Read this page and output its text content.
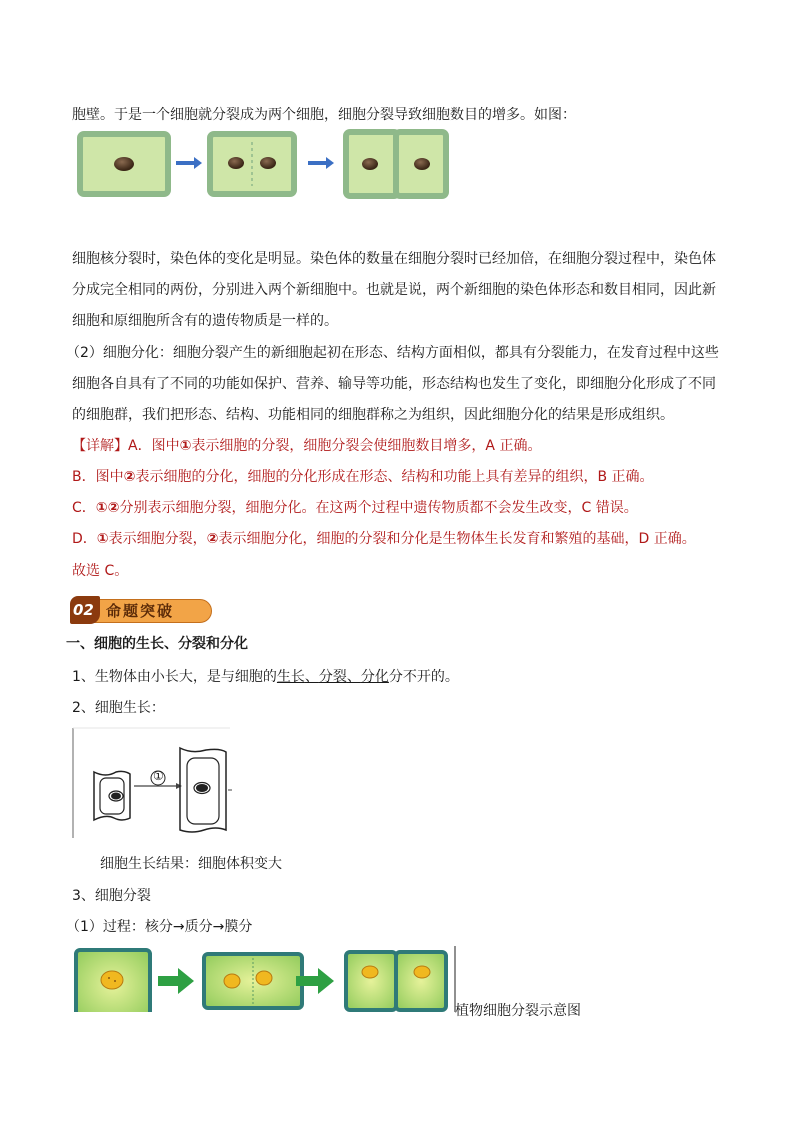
胞壁。于是一个细胞就分裂成为两个细胞，细胞分裂导致细胞数目的增多。如图：
细胞核分裂时，染色体的变化是明显。染色体的数量在细胞分裂时已经加倍，在细胞分裂过程中，染色体
分成完全相同的两份，分别进入两个新细胞中。也就是说，两个新细胞的染色体形态和数目相同，因此新
细胞和原细胞所含有的遗传物质是一样的。
（2）细胞分化：细胞分裂产生的新细胞起初在形态、结构方面相似，都具有分裂能力，在发育过程中这些
细胞各自具有了不同的功能如保护、营养、输导等功能，形态结构也发生了变化，即细胞分化形成了不同
的细胞群，我们把形态、结构、功能相同的细胞群称之为组织，因此细胞分化的结果是形成组织。
【详解】A．图中①表示细胞的分裂，细胞分裂会使细胞数目增多，A 正确。
B．图中②表示细胞的分化，细胞的分化形成在形态、结构和功能上具有差异的组织，B 正确。
C．①②分别表示细胞分裂，细胞分化。在这两个过程中遗传物质都不会发生改变，C 错误。
D．①表示细胞分裂，②表示细胞分化，细胞的分裂和分化是生物体生长发育和繁殖的基础，D 正确。
故选 C。
02 命题突破
一、细胞的生长、分裂和分化
1、生物体由小长大，是与细胞的生长、分裂、分化分不开的。
2、细胞生长：
①
细胞生长结果：细胞体积变大
3、细胞分裂
（1）过程：核分→质分→膜分
植物细胞分裂示意图
